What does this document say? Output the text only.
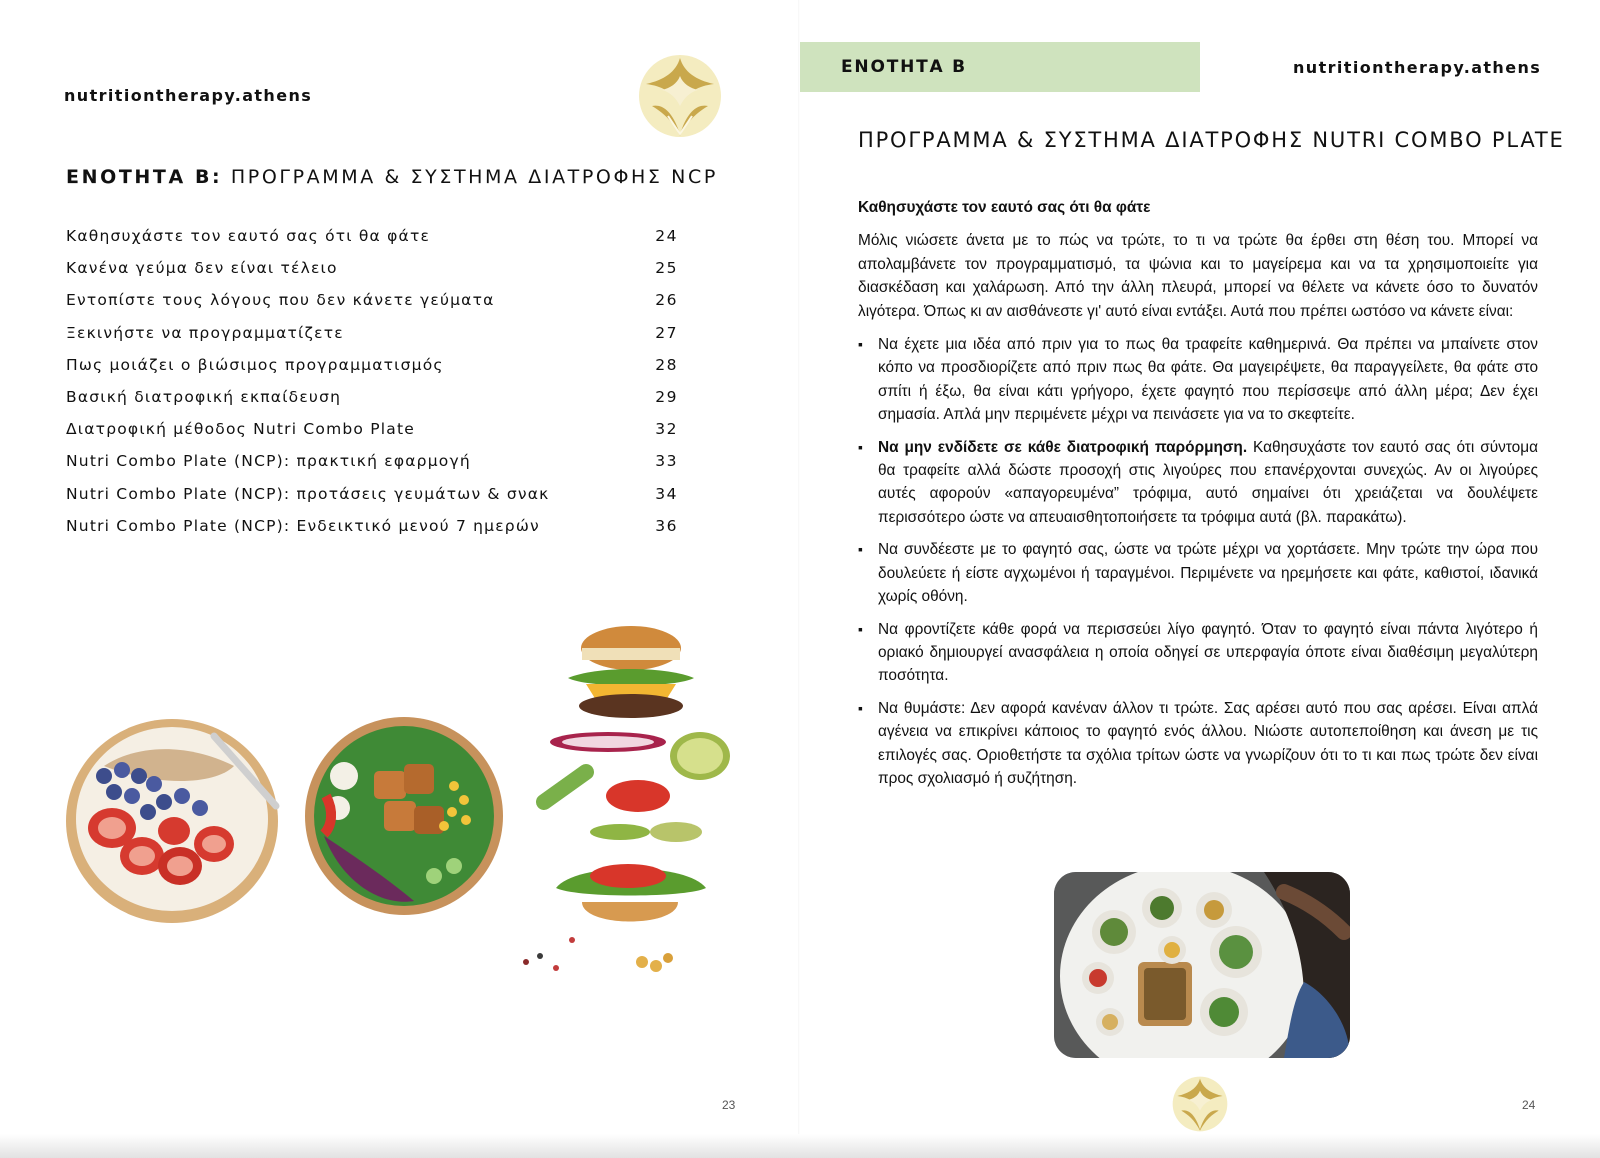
nutritiontherapy.athens
ΕΝΟΤΗΤΑ Β: ΠΡΟΓΡΑΜΜΑ & ΣΥΣΤΗΜΑ ΔΙΑΤΡΟΦΗΣ NCP
Καθησυχάστε τον εαυτό σας ότι θα φάτε	24
Κανένα γεύμα δεν είναι τέλειο	25
Εντοπίστε τους λόγους που δεν κάνετε γεύματα	26
Ξεκινήστε να προγραμματίζετε	27
Πως μοιάζει ο βιώσιμος προγραμματισμός	28
Βασική διατροφική εκπαίδευση	29
Διατροφική μέθοδος Nutri Combo Plate	32
Nutri Combo Plate (NCP): πρακτική εφαρμογή	33
Nutri Combo Plate (NCP): προτάσεις γευμάτων & σνακ	34
Nutri Combo Plate (NCP): Ενδεικτικό μενού 7 ημερών	36
23
ΕΝΟΤΗΤΑ Β	nutritiontherapy.athens
ΠΡΟΓΡΑΜΜΑ & ΣΥΣΤΗΜΑ ΔΙΑΤΡΟΦΗΣ NUTRI COMBO PLATE
Καθησυχάστε τον εαυτό σας ότι θα φάτε

Μόλις νιώσετε άνετα με το πώς να τρώτε, το τι να τρώτε θα έρθει στη θέση του. Μπορεί να απολαμβάνετε τον προγραμματισμό, τα ψώνια και το μαγείρεμα και να τα χρησιμοποιείτε για διασκέδαση και χαλάρωση. Από την άλλη πλευρά, μπορεί να θέλετε να κάνετε όσο το δυνατόν λιγότερα. Όπως κι αν αισθάνεστε γι' αυτό είναι εντάξει. Αυτά που πρέπει ωστόσο να κάνετε είναι:

▪ Να έχετε μια ιδέα από πριν για το πως θα τραφείτε καθημερινά. Θα πρέπει να μπαίνετε στον κόπο να προσδιορίζετε από πριν πως θα φάτε. Θα μαγειρέψετε, θα παραγγείλετε, θα φάτε στο σπίτι ή έξω, θα είναι κάτι γρήγορο, έχετε φαγητό που περίσσεψε από άλλη μέρα; Δεν έχει σημασία. Απλά μην περιμένετε μέχρι να πεινάσετε για να το σκεφτείτε.
▪ Να μην ενδίδετε σε κάθε διατροφική παρόρμηση. Καθησυχάστε τον εαυτό σας ότι σύντομα θα τραφείτε αλλά δώστε προσοχή στις λιγούρες που επανέρχονται συνεχώς. Αν οι λιγούρες αυτές αφορούν «απαγορευμένα” τρόφιμα, αυτό σημαίνει ότι χρειάζεται να δουλέψετε περισσότερο ώστε να απευαισθητοποιήσετε τα τρόφιμα αυτά (βλ. παρακάτω).
▪ Να συνδέεστε με το φαγητό σας, ώστε να τρώτε μέχρι να χορτάσετε. Μην τρώτε την ώρα που δουλεύετε ή είστε αγχωμένοι ή ταραγμένοι. Περιμένετε να ηρεμήσετε και φάτε, καθιστοί, ιδανικά χωρίς οθόνη.
▪ Να φροντίζετε κάθε φορά να περισσεύει λίγο φαγητό. Όταν το φαγητό είναι πάντα λιγότερο ή οριακό δημιουργεί ανασφάλεια η οποία οδηγεί σε υπερφαγία όποτε είναι διαθέσιμη μεγαλύτερη ποσότητα.
▪ Να θυμάστε: Δεν αφορά κανέναν άλλον τι τρώτε. Σας αρέσει αυτό που σας αρέσει. Είναι απλά αγένεια να επικρίνει κάποιος το φαγητό ενός άλλου. Νιώστε αυτοπεποίθηση και άνεση με τις επιλογές σας. Οριοθετήστε τα σχόλια τρίτων ώστε να γνωρίζουν ότι το τι και πως τρώτε δεν είναι προς σχολιασμό ή συζήτηση.
24
